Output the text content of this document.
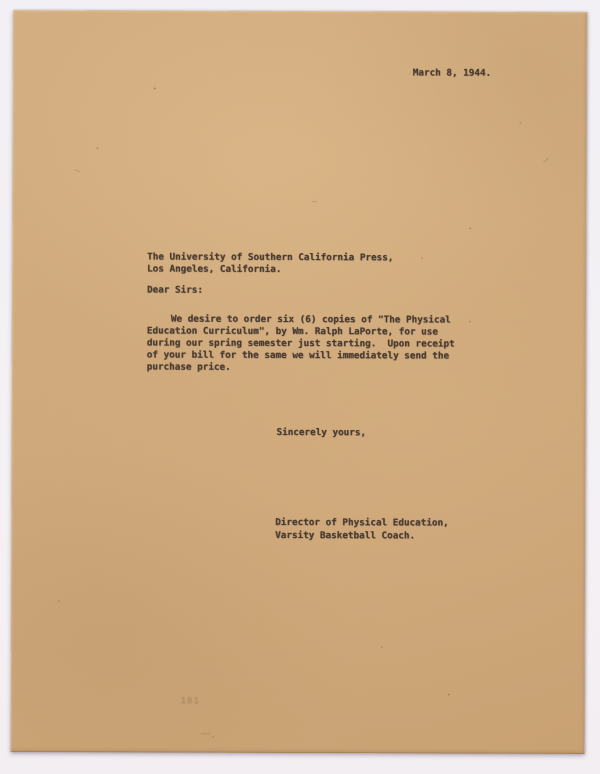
March 8, 1944.
The University of Southern California Press,
Los Angeles, California.
Dear Sirs:
We desire to order six (6) copies of "The Physical
Education Curriculum", by Wm. Ralph LaPorte, for use
during our spring semester just starting.  Upon receipt
of your bill for the same we will immediately send the
purchase price.
Sincerely yours,
Director of Physical Education,
Varsity Basketball Coach.
181
